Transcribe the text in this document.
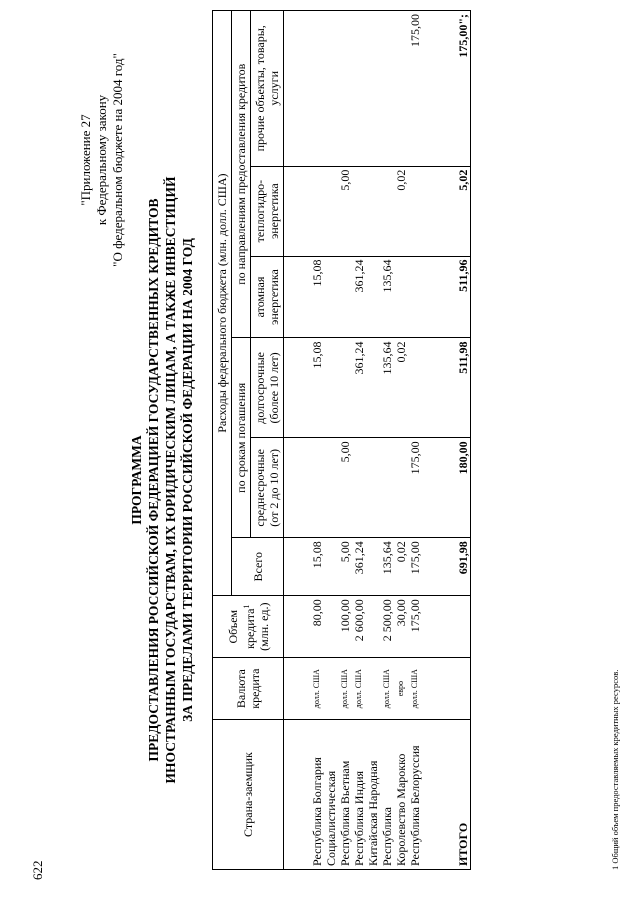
622
"Приложение 27 к Федеральному закону "О федеральном бюджете на 2004 год"
ПРОГРАММА ПРЕДОСТАВЛЕНИЯ РОССИЙСКОЙ ФЕДЕРАЦИЕЙ ГОСУДАРСТВЕННЫХ КРЕДИТОВ ИНОСТРАННЫМ ГОСУДАРСТВАМ, ИХ ЮРИДИЧЕСКИМ ЛИЦАМ, А ТАКЖЕ ИНВЕСТИЦИЙ ЗА ПРЕДЕЛАМИ ТЕРРИТОРИИ РОССИЙСКОЙ ФЕДЕРАЦИИ НА 2004 ГОД
Страна-заемщик	Валюта кредита	Объем кредита$^1$ (млн. ед.)	Расходы федерального бюджета (млн. долл. США)					
			Всего	по срокам погашения		по направлениям предоставления кредитов		
				среднесрочные (от 2 до 10 лет)	долгосрочные (более 10 лет)	атомная энергетика	теплогидро-энергетика	прочие объекты, товары, услуги

Республика Болгария	долл. США	80,00	15,08		15,08	15,08		
Социалистическая								
Республика Вьетнам	долл. США	100,00	5,00	5,00			5,00	
Республика Индия	долл. США	2 600,00	361,24		361,24	361,24		
Китайская Народная								
Республика	долл. США	2 500,00	135,64		135,64	135,64		
Королевство Марокко	евро	30,00	0,02		0,02		0,02	
Республика Белоруссия	долл. США	175,00	175,00	175,00				175,00

ИТОГО			691,98	180,00	511,98	511,96	5,02	175,00";
1 Общий объем предоставляемых кредитных ресурсов.
